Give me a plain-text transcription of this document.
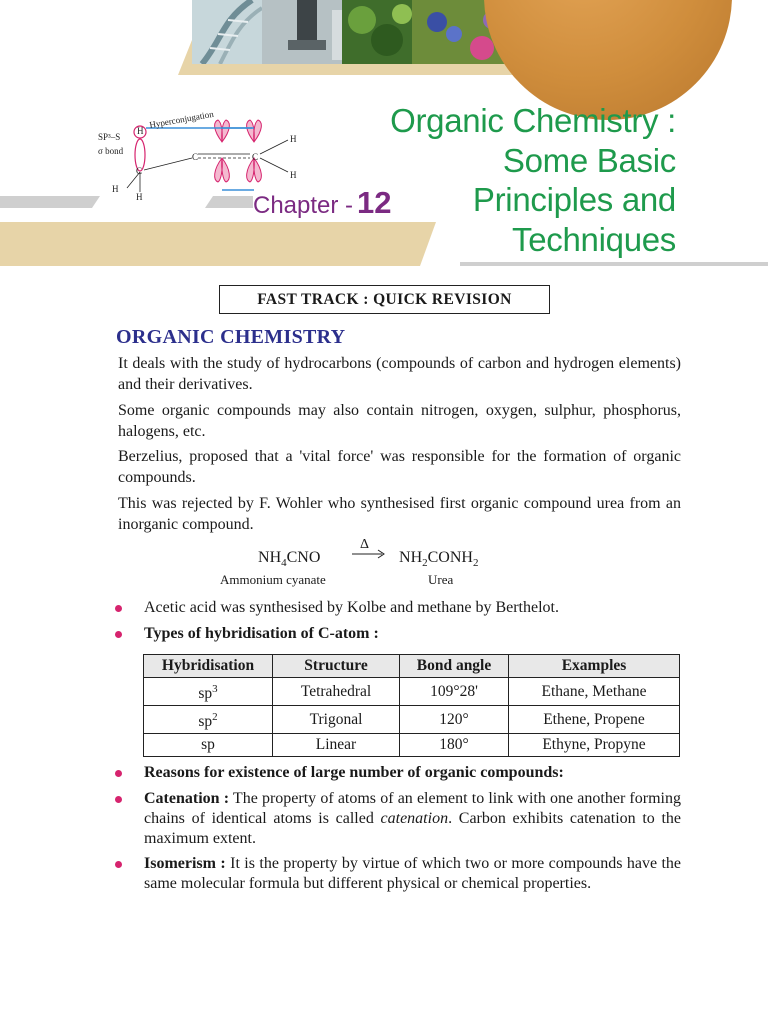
C
C	C
H
H
H
H
H
SP³–S
σ bond
Hyperconjugation
Chapter - 12
Organic Chemistry :
Some Basic
Principles and
Techniques
FAST TRACK : QUICK REVISION
ORGANIC CHEMISTRY
It deals with the study of hydrocarbons (compounds of carbon and hydrogen elements) and their derivatives.
Some organic compounds may also contain nitrogen, oxygen, sulphur, phosphorus, halogens, etc.
Berzelius, proposed that a 'vital force' was responsible for the formation of organic compounds.
This was rejected by F. Wohler who synthesised first organic compound urea from an inorganic compound.
$NH_4CNO$
Δ
→ $NH_2CONH_2$
Ammonium cyanate	Urea
Acetic acid was synthesised by Kolbe and methane by Berthelot.
Types of hybridisation of C-atom :
Hybridisation	Structure	Bond angle	Examples
$sp^3$	Tetrahedral	109°28'	Ethane, Methane
$sp^2$	Trigonal	120°	Ethene, Propene
sp	Linear	180°	Ethyne, Propyne
Reasons for existence of large number of organic compounds:
Catenation : The property of atoms of an element to link with one another forming chains of identical atoms is called catenation. Carbon exhibits catenation to the maximum extent.
Isomerism : It is the property by virtue of which two or more compounds have the same molecular formula but different physical or chemical properties.
